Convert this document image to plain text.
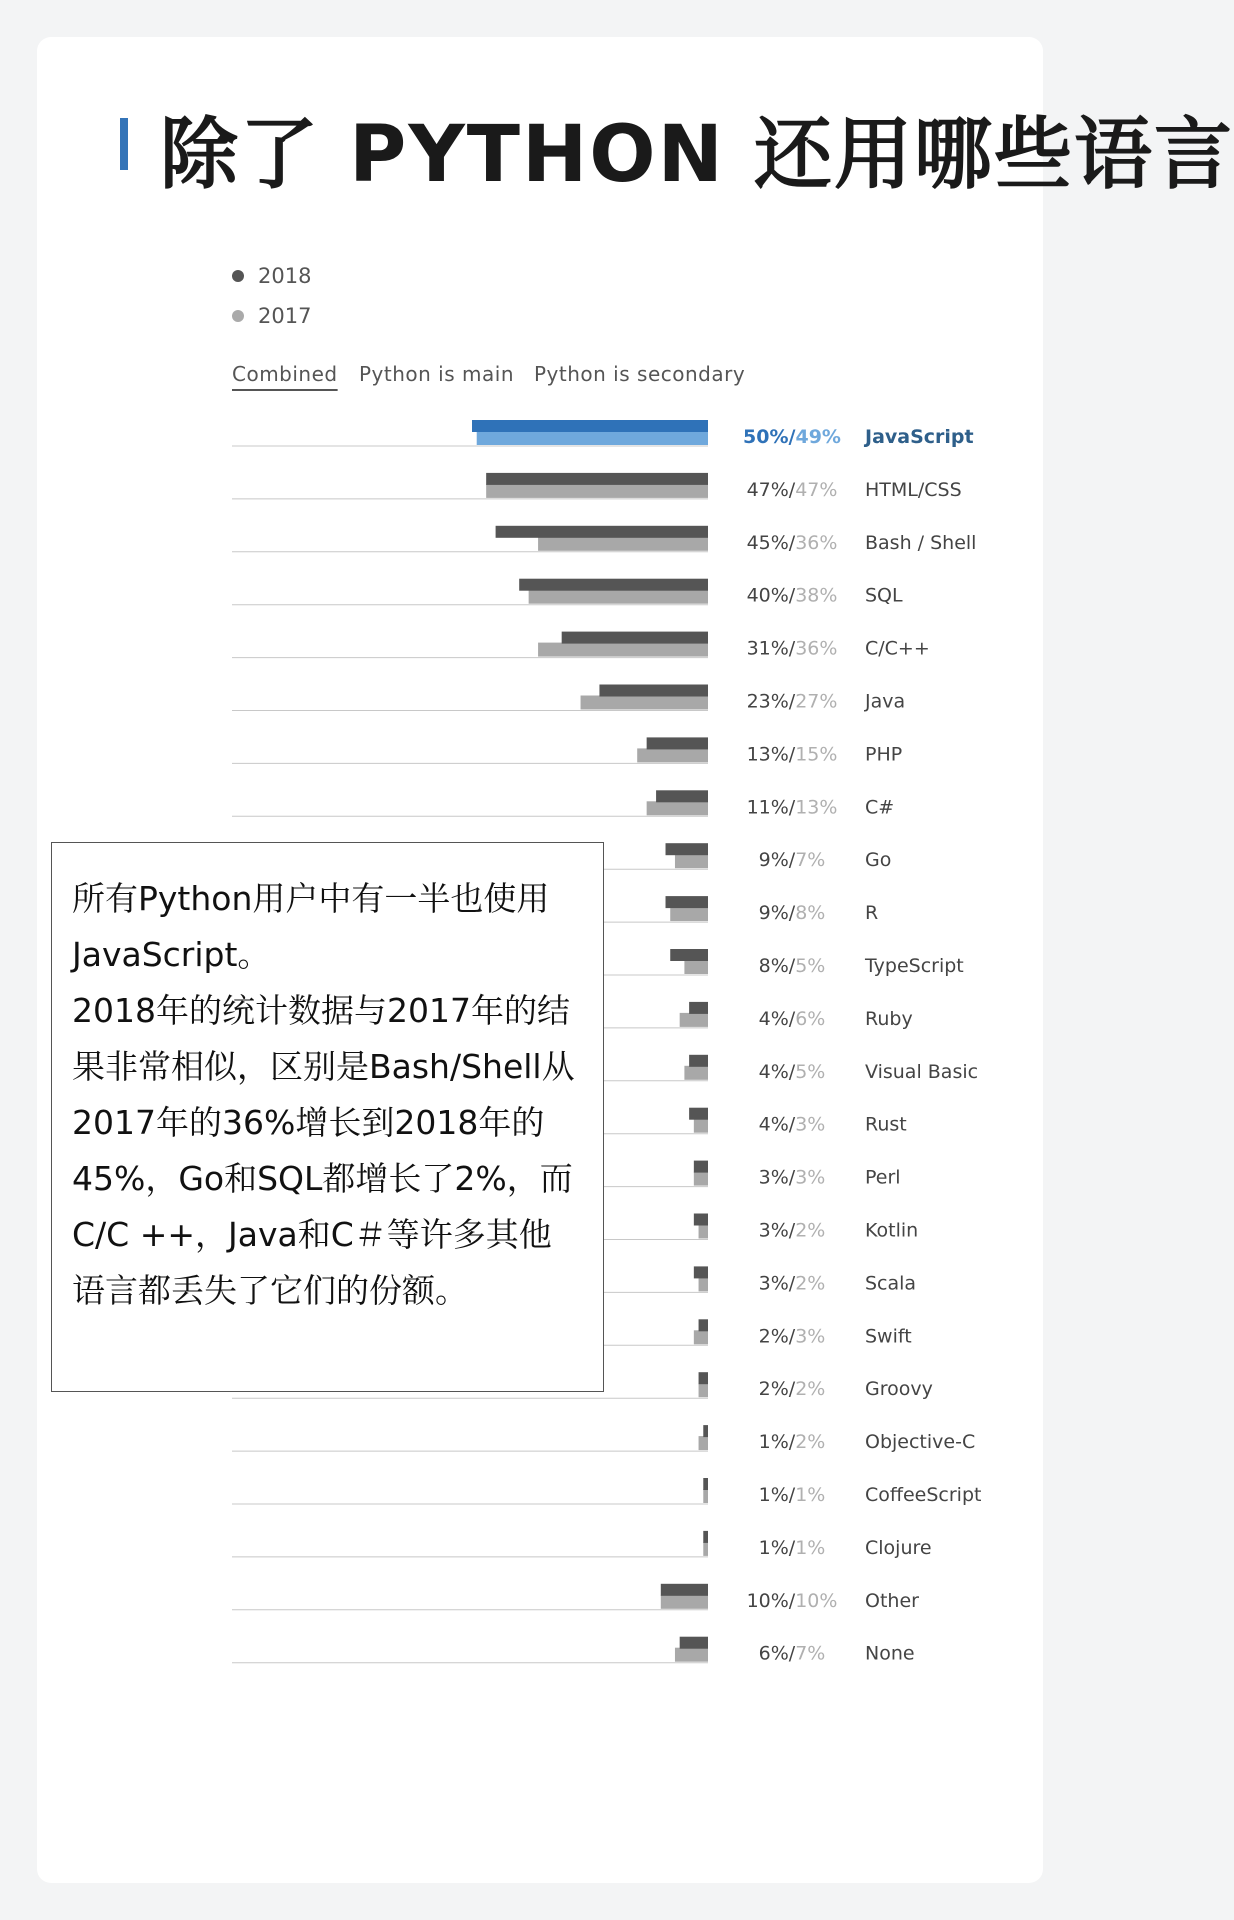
除了 PYTHON 还用哪些语言
2018
2017
Combined Python is main Python is secondary
50%/49% JavaScript
47%/47% HTML/CSS
45%/36% Bash / Shell
40%/38% SQL
31%/36% C/C++
23%/27% Java
13%/15% PHP
11%/13% C#
9%/7% Go
9%/8% R
8%/5% TypeScript
4%/6% Ruby
4%/5% Visual Basic
4%/3% Rust
3%/3% Perl
3%/2% Kotlin
3%/2% Scala
2%/3% Swift
2%/2% Groovy
1%/2% Objective-C
1%/1% CoffeeScript
1%/1% Clojure
10%/10% Other
6%/7% None

所有Python用户中有一半也使用JavaScript。

2018年的统计数据与2017年的结果非常相似，区别是Bash/Shell从2017年的36%增长到2018年的45%，Go和SQL都增长了2%，而C/C ++，Java和C＃等许多其他语言都丢失了它们的份额。
